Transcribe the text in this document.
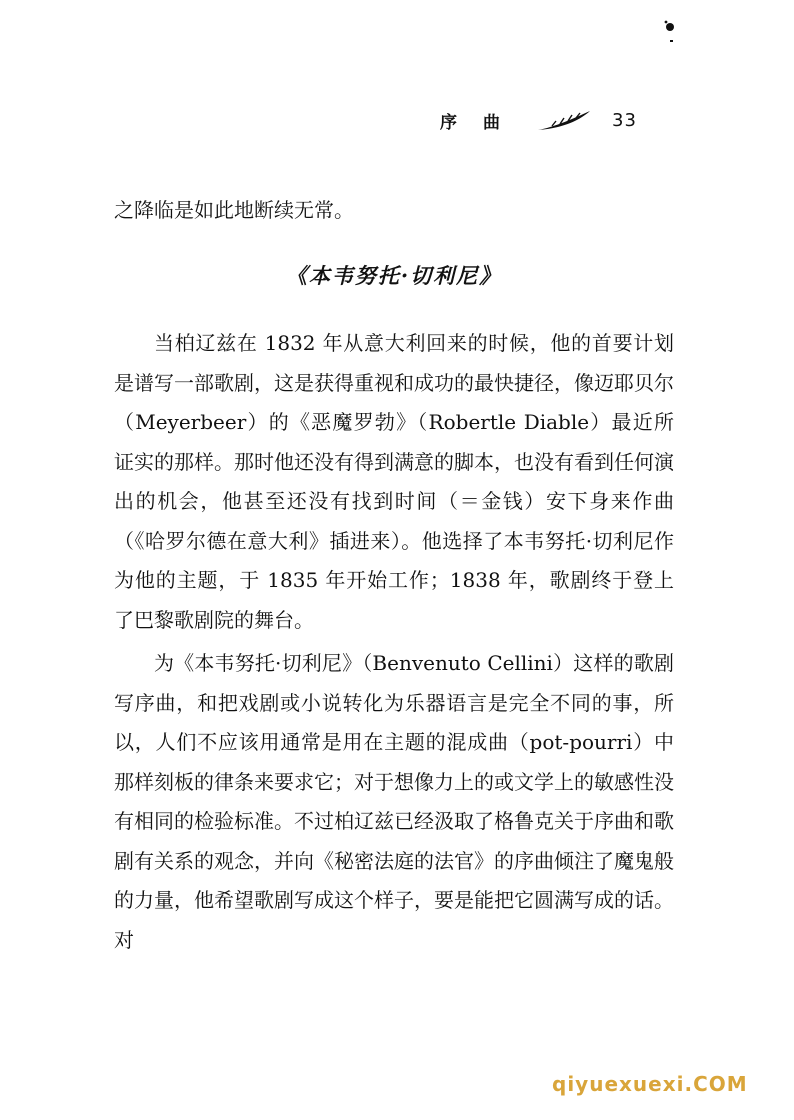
序曲	33

之降临是如此地断续无常。

《本韦努托·切利尼》

当柏辽兹在 1832 年从意大利回来的时候，他的首要计划是谱写一部歌剧，这是获得重视和成功的最快捷径，像迈耶贝尔（Meyerbeer）的《恶魔罗勃》（Robertle Diable）最近所证实的那样。那时他还没有得到满意的脚本，也没有看到任何演出的机会，他甚至还没有找到时间（＝金钱）安下身来作曲（《哈罗尔德在意大利》插进来）。他选择了本韦努托·切利尼作为他的主题，于 1835 年开始工作；1838 年，歌剧终于登上了巴黎歌剧院的舞台。

为《本韦努托·切利尼》（Benvenuto Cellini）这样的歌剧写序曲，和把戏剧或小说转化为乐器语言是完全不同的事，所以，人们不应该用通常是用在主题的混成曲（pot-pourri）中那样刻板的律条来要求它；对于想像力上的或文学上的敏感性没有相同的检验标准。不过柏辽兹已经汲取了格鲁克关于序曲和歌剧有关系的观念，并向《秘密法庭的法官》的序曲倾注了魔鬼般的力量，他希望歌剧写成这个样子，要是能把它圆满写成的话。对

qiyuexuexi.COM
